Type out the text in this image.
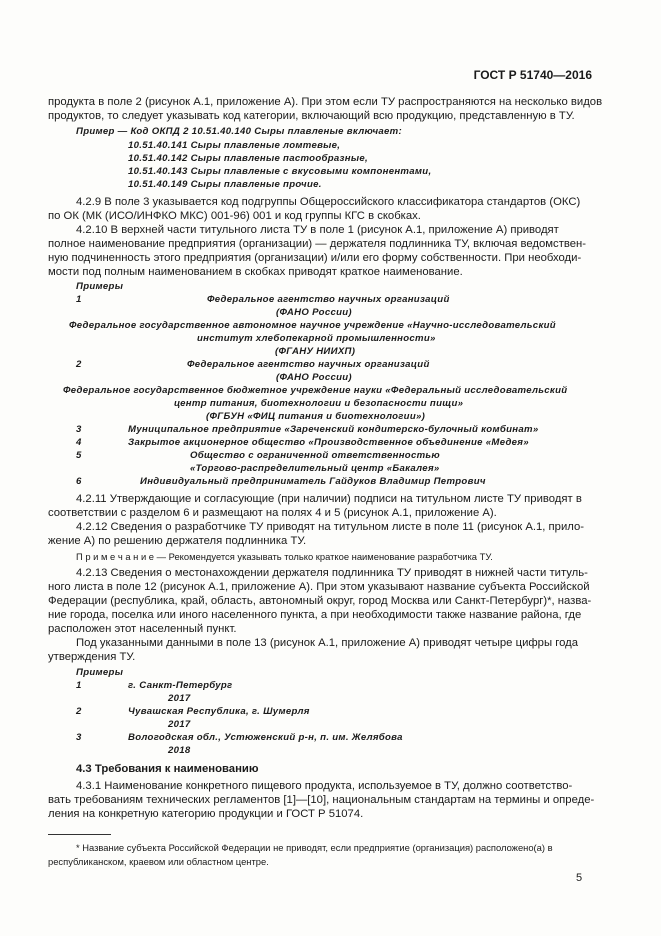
ГОСТ Р 51740—2016
продукта в поле 2 (рисунок А.1, приложение А). При этом если ТУ распространяются на несколько видов
продуктов, то следует указывать код категории, включающий всю продукцию, представленную в ТУ.
Пример — Код ОКПД 2 10.51.40.140 Сыры плавленые включает:
10.51.40.141 Сыры плавленые ломтевые,
10.51.40.142 Сыры плавленые пастообразные,
10.51.40.143 Сыры плавленые с вкусовыми компонентами,
10.51.40.149 Сыры плавленые прочие.
4.2.9 В поле 3 указывается код подгруппы Общероссийского классификатора стандартов (ОКС)
по ОК (МК (ИСО/ИНФКО МКС) 001-96) 001 и код группы КГС в скобках.
4.2.10 В верхней части титульного листа ТУ в поле 1 (рисунок А.1, приложение А) приводят
полное наименование предприятия (организации) — держателя подлинника ТУ, включая ведомствен-
ную подчиненность этого предприятия (организации) и/или его форму собственности. При необходи-
мости под полным наименованием в скобках приводят краткое наименование.
Примеры
1	Федеральное агентство научных организаций
(ФАНО России)
Федеральное государственное автономное научное учреждение «Научно-исследовательский
институт хлебопекарной промышленности»
(ФГАНУ НИИХП)
2	Федеральное агентство научных организаций
(ФАНО России)
Федеральное государственное бюджетное учреждение науки «Федеральный исследовательский
центр питания, биотехнологии и безопасности пищи»
(ФГБУН «ФИЦ питания и биотехнологии»)
3	Муниципальное предприятие «Зареченский кондитерско-булочный комбинат»
4	Закрытое акционерное общество «Производственное объединение «Медея»
5	Общество с ограниченной ответственностью
«Торгово-распределительный центр «Бакалея»
6	Индивидуальный предприниматель Гайдуков Владимир Петрович
4.2.11 Утверждающие и согласующие (при наличии) подписи на титульном листе ТУ приводят в
соответствии с разделом 6 и размещают на полях 4 и 5 (рисунок А.1, приложение А).
4.2.12 Сведения о разработчике ТУ приводят на титульном листе в поле 11 (рисунок А.1, прило-
жение А) по решению держателя подлинника ТУ.
П р и м е ч а н и е — Рекомендуется указывать только краткое наименование разработчика ТУ.
4.2.13 Сведения о местонахождении держателя подлинника ТУ приводят в нижней части титуль-
ного листа в поле 12 (рисунок А.1, приложение А). При этом указывают название субъекта Российской
Федерации (республика, край, область, автономный округ, город Москва или Санкт-Петербург)*, назва-
ние города, поселка или иного населенного пункта, а при необходимости также название района, где
расположен этот населенный пункт.
Под указанными данными в поле 13 (рисунок А.1, приложение А) приводят четыре цифры года
утверждения ТУ.
Примеры
1	г. Санкт-Петербург
2017
2	Чувашская Республика, г. Шумерля
2017
3	Вологодская обл., Устюженский р-н, п. им. Желябова
2018
4.3 Требования к наименованию
4.3.1 Наименование конкретного пищевого продукта, используемое в ТУ, должно соответство-
вать требованиям технических регламентов [1]—[10], национальным стандартам на термины и опреде-
ления на конкретную категорию продукции и ГОСТ Р 51074.
* Название субъекта Российской Федерации не приводят, если предприятие (организация) расположено(а) в
республиканском, краевом или областном центре.
5
